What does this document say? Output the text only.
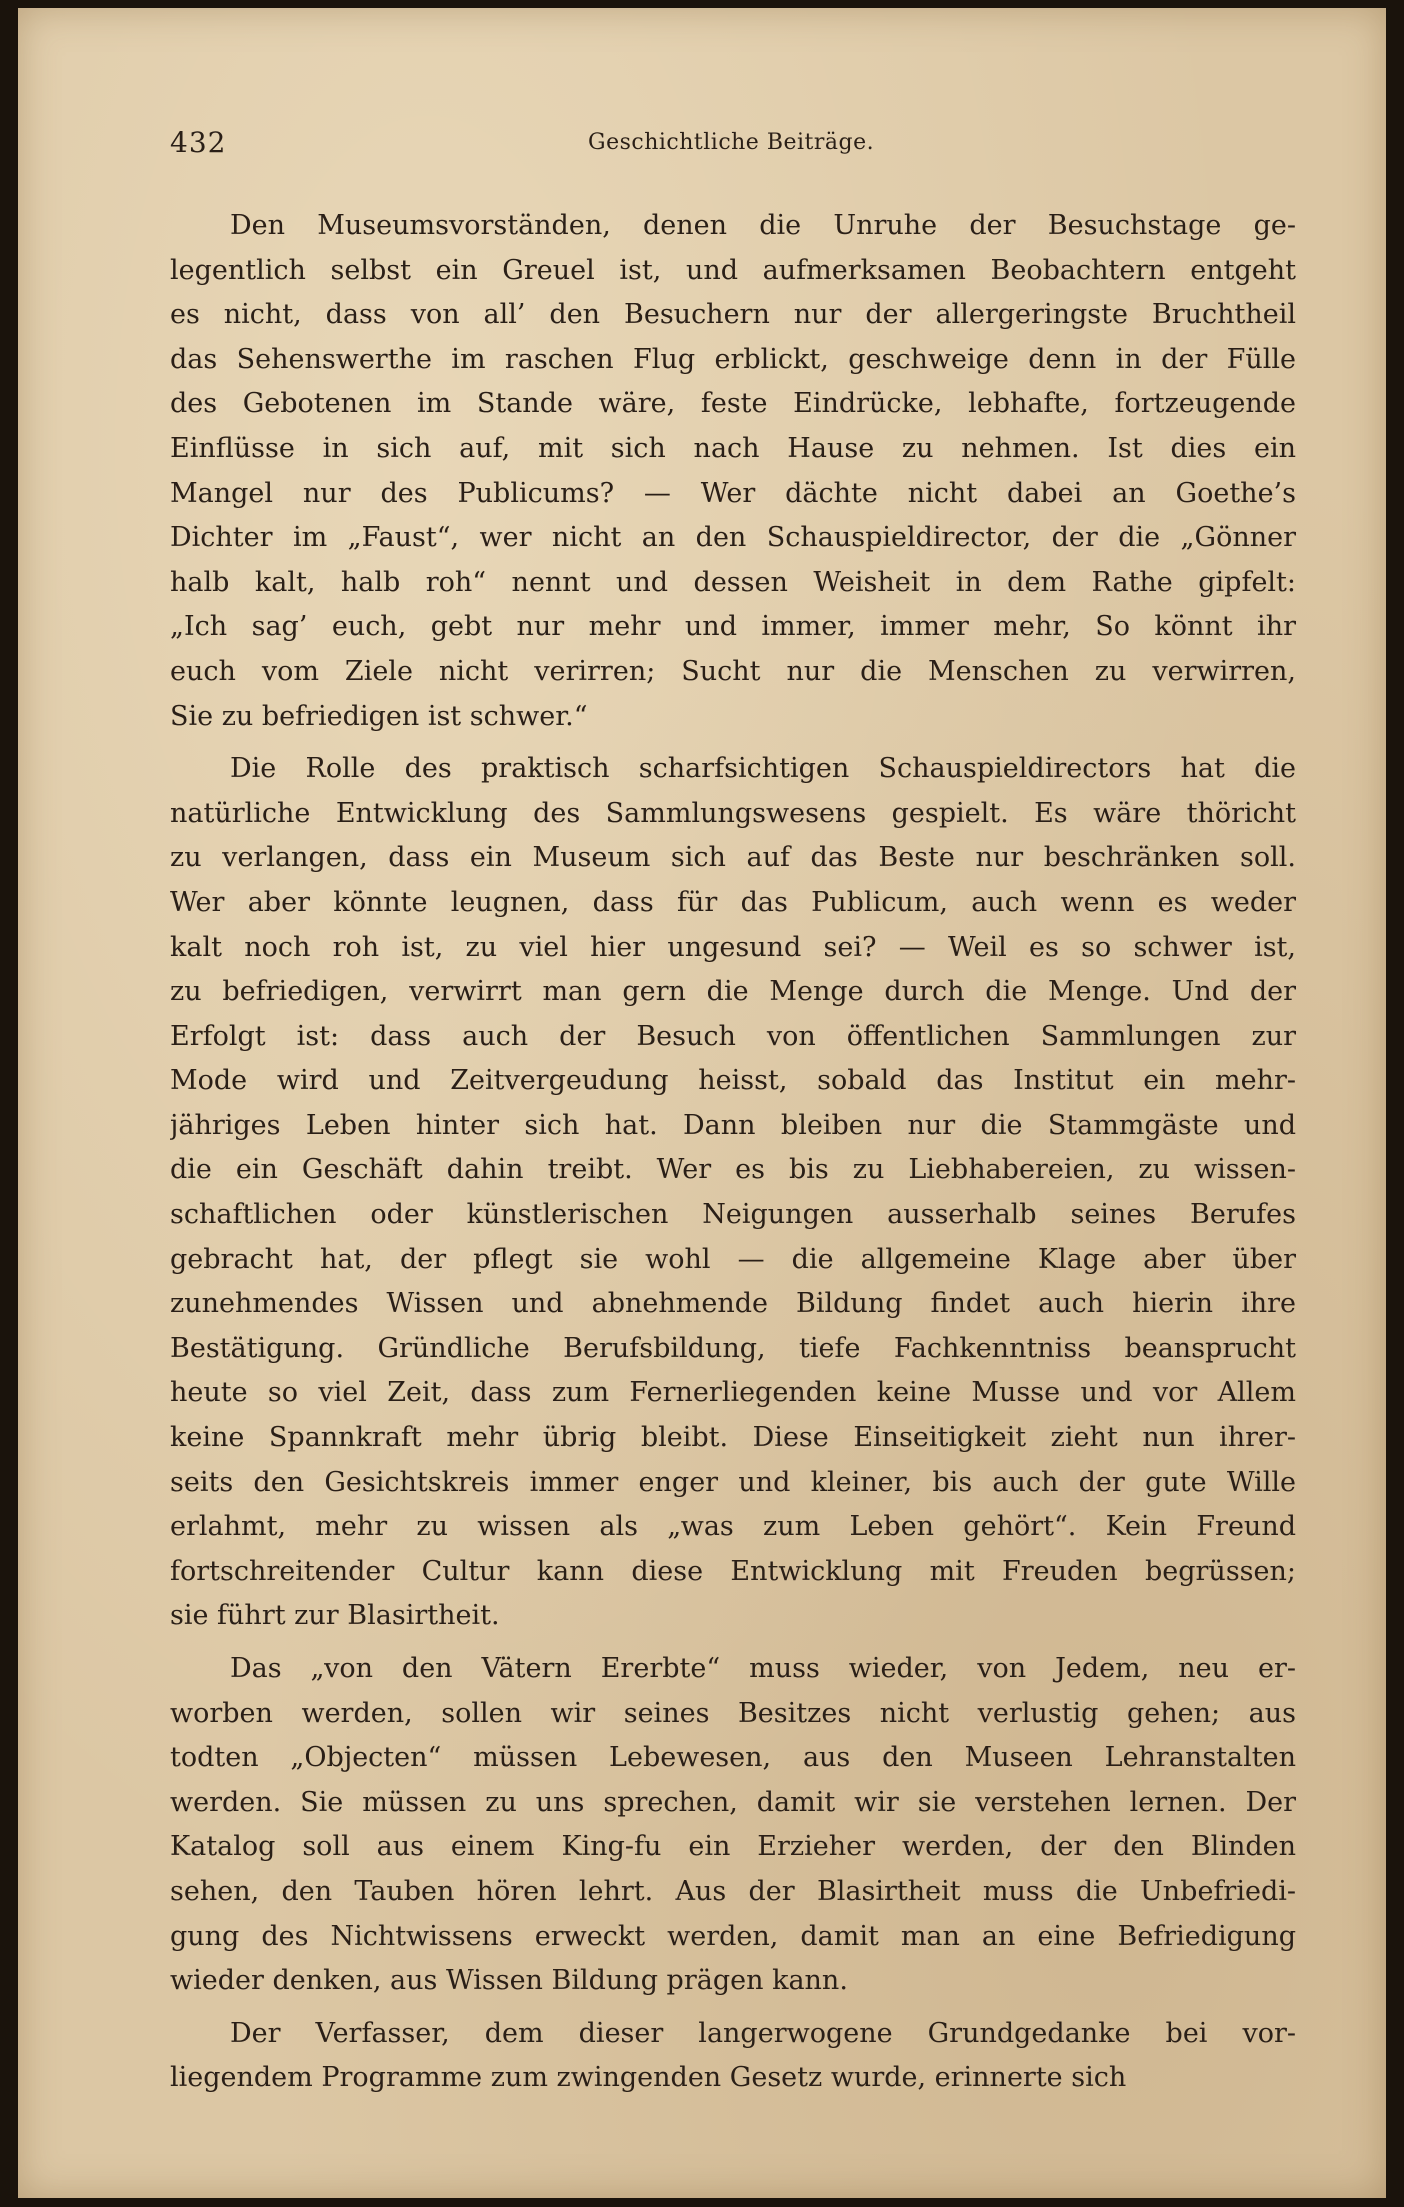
432	Geschichtliche Beiträge.
Den Museumsvorständen, denen die Unruhe der Besuchstage ge-
legentlich selbst ein Greuel ist, und aufmerksamen Beobachtern entgeht
es nicht, dass von all’ den Besuchern nur der allergeringste Bruchtheil
das Sehenswerthe im raschen Flug erblickt, geschweige denn in der Fülle
des Gebotenen im Stande wäre, feste Eindrücke, lebhafte, fortzeugende
Einflüsse in sich auf, mit sich nach Hause zu nehmen. Ist dies ein
Mangel nur des Publicums? — Wer dächte nicht dabei an Goethe’s
Dichter im „Faust“, wer nicht an den Schauspieldirector, der die „Gönner
halb kalt, halb roh“ nennt und dessen Weisheit in dem Rathe gipfelt:
„Ich sag’ euch, gebt nur mehr und immer, immer mehr, So könnt ihr
euch vom Ziele nicht verirren; Sucht nur die Menschen zu verwirren,
Sie zu befriedigen ist schwer.“
Die Rolle des praktisch scharfsichtigen Schauspieldirectors hat die
natürliche Entwicklung des Sammlungswesens gespielt. Es wäre thöricht
zu verlangen, dass ein Museum sich auf das Beste nur beschränken soll.
Wer aber könnte leugnen, dass für das Publicum, auch wenn es weder
kalt noch roh ist, zu viel hier ungesund sei? — Weil es so schwer ist,
zu befriedigen, verwirrt man gern die Menge durch die Menge. Und der
Erfolgt ist: dass auch der Besuch von öffentlichen Sammlungen zur
Mode wird und Zeitvergeudung heisst, sobald das Institut ein mehr-
jähriges Leben hinter sich hat. Dann bleiben nur die Stammgäste und
die ein Geschäft dahin treibt. Wer es bis zu Liebhabereien, zu wissen-
schaftlichen oder künstlerischen Neigungen ausserhalb seines Berufes
gebracht hat, der pflegt sie wohl — die allgemeine Klage aber über
zunehmendes Wissen und abnehmende Bildung findet auch hierin ihre
Bestätigung. Gründliche Berufsbildung, tiefe Fachkenntniss beansprucht
heute so viel Zeit, dass zum Fernerliegenden keine Musse und vor Allem
keine Spannkraft mehr übrig bleibt. Diese Einseitigkeit zieht nun ihrer-
seits den Gesichtskreis immer enger und kleiner, bis auch der gute Wille
erlahmt, mehr zu wissen als „was zum Leben gehört“. Kein Freund
fortschreitender Cultur kann diese Entwicklung mit Freuden begrüssen;
sie führt zur Blasirtheit.
Das „von den Vätern Ererbte“ muss wieder, von Jedem, neu er-
worben werden, sollen wir seines Besitzes nicht verlustig gehen; aus
todten „Objecten“ müssen Lebewesen, aus den Museen Lehranstalten
werden. Sie müssen zu uns sprechen, damit wir sie verstehen lernen. Der
Katalog soll aus einem King-fu ein Erzieher werden, der den Blinden
sehen, den Tauben hören lehrt. Aus der Blasirtheit muss die Unbefriedi-
gung des Nichtwissens erweckt werden, damit man an eine Befriedigung
wieder denken, aus Wissen Bildung prägen kann.
Der Verfasser, dem dieser langerwogene Grundgedanke bei vor-
liegendem Programme zum zwingenden Gesetz wurde, erinnerte sich
